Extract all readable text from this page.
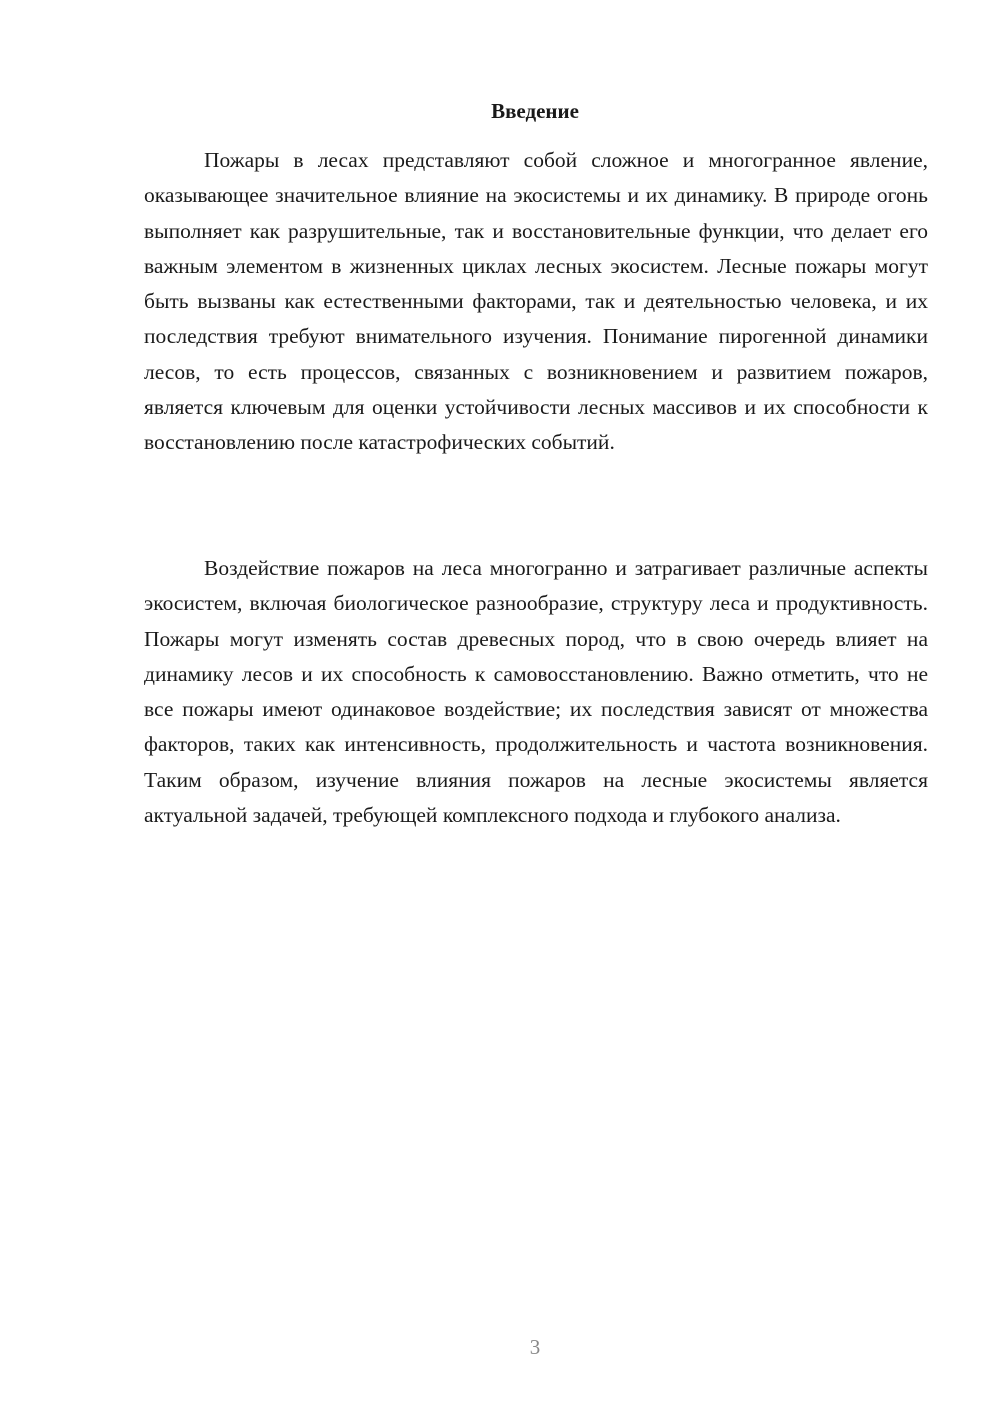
Введение

Пожары в лесах представляют собой сложное и многогранное явление, оказывающее значительное влияние на экосистемы и их динамику. В природе огонь выполняет как разрушительные, так и восстановительные функции, что делает его важным элементом в жизненных циклах лесных экосистем. Лесные пожары могут быть вызваны как естественными факторами, так и деятельностью человека, и их последствия требуют внимательного изучения. Понимание пирогенной динамики лесов, то есть процессов, связанных с возникновением и развитием пожаров, является ключевым для оценки устойчивости лесных массивов и их способности к восстановлению после катастрофических событий.

Воздействие пожаров на леса многогранно и затрагивает различные аспекты экосистем, включая биологическое разнообразие, структуру леса и продуктивность. Пожары могут изменять состав древесных пород, что в свою очередь влияет на динамику лесов и их способность к самовосстановлению. Важно отметить, что не все пожары имеют одинаковое воздействие; их последствия зависят от множества факторов, таких как интенсивность, продолжительность и частота возникновения. Таким образом, изучение влияния пожаров на лесные экосистемы является актуальной задачей, требующей комплексного подхода и глубокого анализа.

3
